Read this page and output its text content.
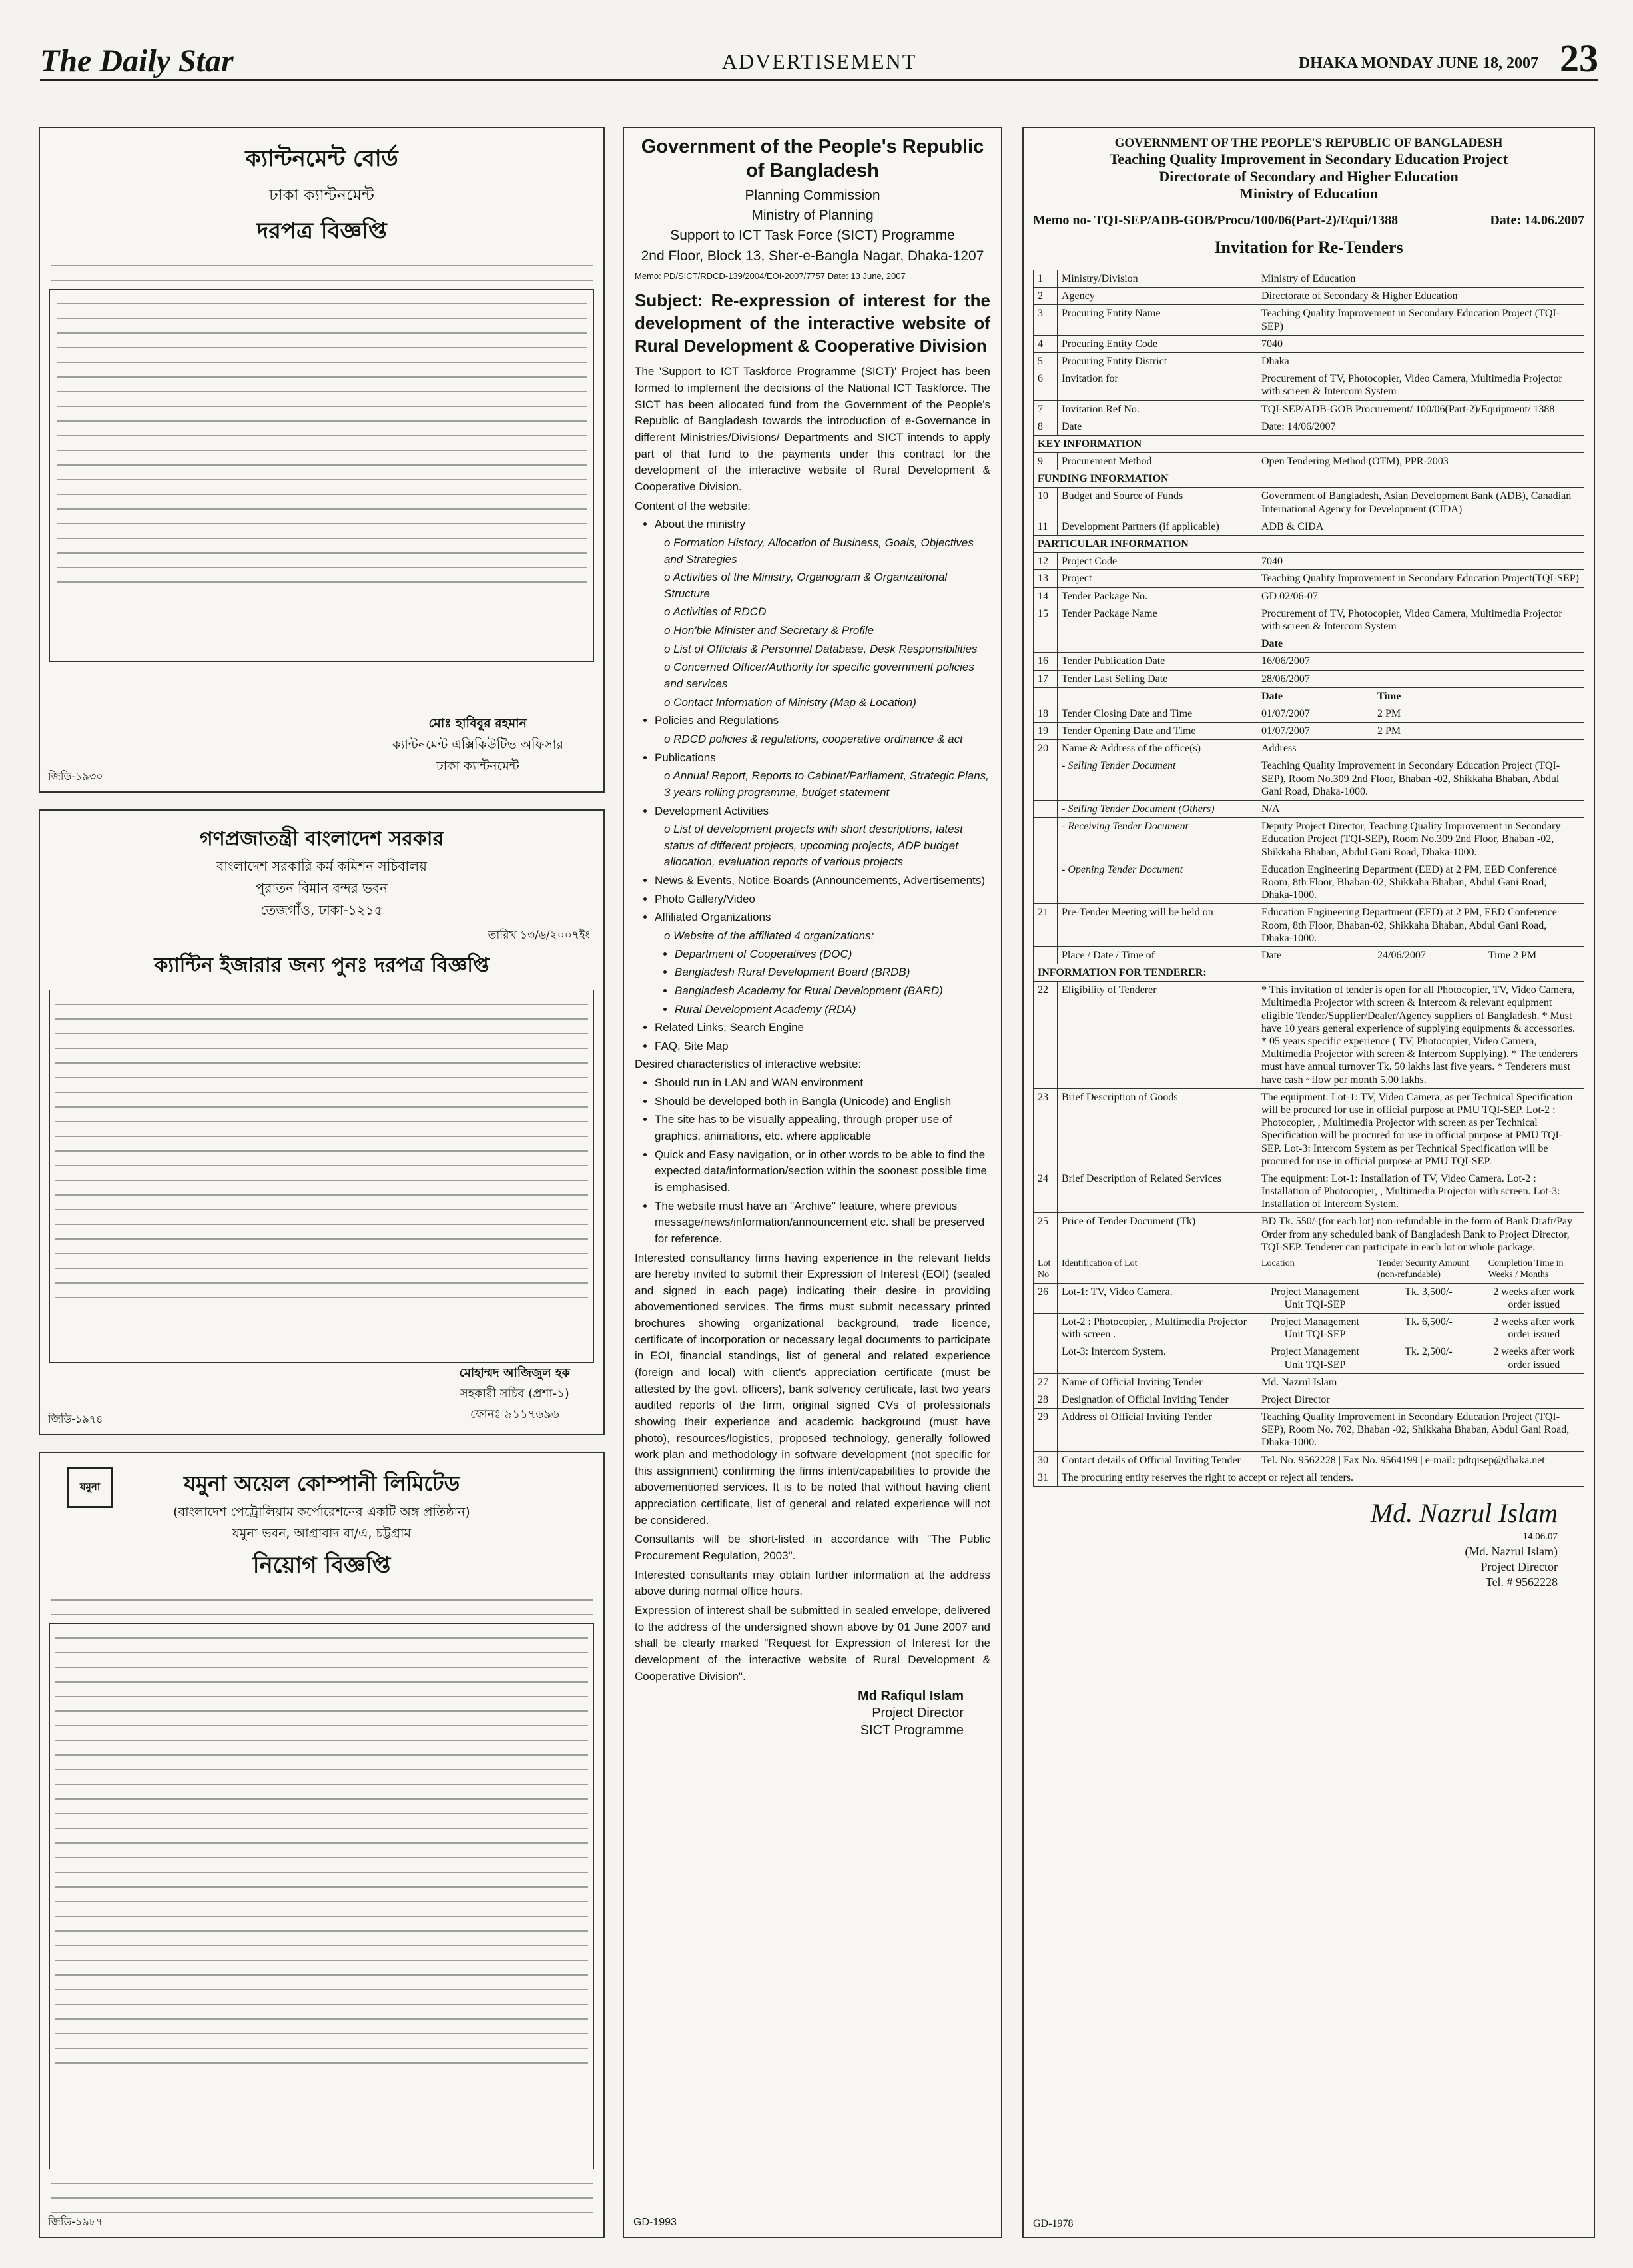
The Daily Star	ADVERTISEMENT	DHAKA MONDAY JUNE 18, 2007 23
ক্যান্টনমেন্ট বোর্ড
ঢাকা ক্যান্টনমেন্ট
দরপত্র বিজ্ঞপ্তি
মোঃ হাবিবুর রহমান
ক্যান্টনমেন্ট এক্সিকিউটিভ অফিসার
ঢাকা ক্যান্টনমেন্ট
জিডি-১৯৩০
গণপ্রজাতন্ত্রী বাংলাদেশ সরকার
বাংলাদেশ সরকারি কর্ম কমিশন সচিবালয়
পুরাতন বিমান বন্দর ভবন
তেজগাঁও, ঢাকা-১২১৫
তারিখ ১৩/৬/২০০৭ইং
ক্যান্টিন ইজারার জন্য পুনঃ দরপত্র বিজ্ঞপ্তি
মোহাম্মদ আজিজুল হক
সহকারী সচিব (প্রশা-১)
ফোনঃ ৯১১৭৬৯৬
জিডি-১৯৭৪
যমুনা	যমুনা অয়েল কোম্পানী লিমিটেড
(বাংলাদেশ পেট্রোলিয়াম কর্পোরেশনের একটি অঙ্গ প্রতিষ্ঠান)
যমুনা ভবন, আগ্রাবাদ বা/এ, চট্টগ্রাম
নিয়োগ বিজ্ঞপ্তি
জিডি-১৯৮৭
Government of the People's Republic of Bangladesh
Planning Commission
Ministry of Planning
Support to ICT Task Force (SICT) Programme
2nd Floor, Block 13, Sher-e-Bangla Nagar, Dhaka-1207
Memo: PD/SICT/RDCD-139/2004/EOI-2007/7757 Date: 13 June, 2007
Subject: Re-expression of interest for the development of the interactive website of Rural Development & Cooperative Division

The 'Support to ICT Taskforce Programme (SICT)' Project has been formed to implement the decisions of the National ICT Taskforce. The SICT has been allocated fund from the Government of the People's Republic of Bangladesh towards the introduction of e-Governance in different Ministries/Divisions/ Departments and SICT intends to apply part of that fund to the payments under this contract for the development of the interactive website of Rural Development & Cooperative Division.

Content of the website:

• About the ministry
o Formation History, Allocation of Business, Goals, Objectives and Strategies
o Activities of the Ministry, Organogram & Organizational Structure
o Activities of RDCD
o Hon'ble Minister and Secretary & Profile
o List of Officials & Personnel Database, Desk Responsibilities
o Concerned Officer/Authority for specific government policies and services
o Contact Information of Ministry (Map & Location)
• Policies and Regulations
o RDCD policies & regulations, cooperative ordinance & act
• Publications
o Annual Report, Reports to Cabinet/Parliament, Strategic Plans, 3 years rolling programme, budget statement
• Development Activities
o List of development projects with short descriptions, latest status of different projects, upcoming projects, ADP budget allocation, evaluation reports of various projects
• News & Events, Notice Boards (Announcements, Advertisements)
• Photo Gallery/Video
• Affiliated Organizations
o Website of the affiliated 4 organizations:
• Department of Cooperatives (DOC)
• Bangladesh Rural Development Board (BRDB)
• Bangladesh Academy for Rural Development (BARD)
• Rural Development Academy (RDA)
• Related Links, Search Engine
• FAQ, Site Map

Desired characteristics of interactive website:

• Should run in LAN and WAN environment
• Should be developed both in Bangla (Unicode) and English
• The site has to be visually appealing, through proper use of graphics, animations, etc. where applicable
• Quick and Easy navigation, or in other words to be able to find the expected data/information/section within the soonest possible time is emphasised.
• The website must have an "Archive" feature, where previous message/news/information/announcement etc. shall be preserved for reference.

Interested consultancy firms having experience in the relevant fields are hereby invited to submit their Expression of Interest (EOI) (sealed and signed in each page) indicating their desire in providing abovementioned services. The firms must submit necessary printed brochures showing organizational background, trade licence, certificate of incorporation or necessary legal documents to participate in EOI, financial standings, list of general and related experience (foreign and local) with client's appreciation certificate (must be attested by the govt. officers), bank solvency certificate, last two years audited reports of the firm, original signed CVs of professionals showing their experience and academic background (must have photo), resources/logistics, proposed technology, generally followed work plan and methodology in software development (not specific for this assignment) confirming the firms intent/capabilities to provide the abovementioned services. It is to be noted that without having client appreciation certificate, list of general and related experience will not be considered.

Consultants will be short-listed in accordance with "The Public Procurement Regulation, 2003".

Interested consultants may obtain further information at the address above during normal office hours.

Expression of interest shall be submitted in sealed envelope, delivered to the address of the undersigned shown above by 01 June 2007 and shall be clearly marked "Request for Expression of Interest for the development of the interactive website of Rural Development & Cooperative Division".

Md Rafiqul Islam
Project Director
SICT Programme
GD-1993
GOVERNMENT OF THE PEOPLE'S REPUBLIC OF BANGLADESH
Teaching Quality Improvement in Secondary Education Project
Directorate of Secondary and Higher Education
Ministry of Education
Memo no- TQI-SEP/ADB-GOB/Procu/100/06(Part-2)/Equi/1388	Date: 14.06.2007
Invitation for Re-Tenders
1	Ministry/Division	Ministry of Education		
2	Agency	Directorate of Secondary & Higher Education		
3	Procuring Entity Name	Teaching Quality Improvement in Secondary Education Project (TQI-SEP)		
4	Procuring Entity Code	7040		
5	Procuring Entity District	Dhaka		
6	Invitation for	Procurement of TV, Photocopier, Video Camera, Multimedia Projector with screen & Intercom System		
7	Invitation Ref No.	TQI-SEP/ADB-GOB Procurement/ 100/06(Part-2)/Equipment/ 1388		
8	Date	Date: 14/06/2007		
KEY INFORMATION				
9	Procurement Method	Open Tendering Method (OTM), PPR-2003		
FUNDING INFORMATION				
10	Budget and Source of Funds	Government of Bangladesh, Asian Development Bank (ADB), Canadian International Agency for Development (CIDA)		
11	Development Partners (if applicable)	ADB & CIDA		
PARTICULAR INFORMATION				
12	Project Code	7040		
13	Project	Teaching Quality Improvement in Secondary Education Project(TQI-SEP)		
14	Tender Package No.	GD 02/06-07		
15	Tender Package Name	Procurement of TV, Photocopier, Video Camera, Multimedia Projector with screen & Intercom System		
		Date		
16	Tender Publication Date	16/06/2007		
17	Tender Last Selling Date	28/06/2007		
		Date	Time	
18	Tender Closing Date and Time	01/07/2007	2 PM	
19	Tender Opening Date and Time	01/07/2007	2 PM	
20	Name & Address of the office(s)	Address		
	- Selling Tender Document	Teaching Quality Improvement in Secondary Education Project (TQI-SEP), Room No.309 2nd Floor, Bhaban -02, Shikkaha Bhaban, Abdul Gani Road, Dhaka-1000.		
	- Selling Tender Document (Others)	N/A		
	- Receiving Tender Document	Deputy Project Director, Teaching Quality Improvement in Secondary Education Project (TQI-SEP), Room No.309 2nd Floor, Bhaban -02, Shikkaha Bhaban, Abdul Gani Road, Dhaka-1000.		
	- Opening Tender Document	Education Engineering Department (EED) at 2 PM, EED Conference Room, 8th Floor, Bhaban-02, Shikkaha Bhaban, Abdul Gani Road, Dhaka-1000.		
21	Pre-Tender Meeting will be held on	Education Engineering Department (EED) at 2 PM, EED Conference Room, 8th Floor, Bhaban-02, Shikkaha Bhaban, Abdul Gani Road, Dhaka-1000.		
	Place / Date / Time of	Date	24/06/2007	Time 2 PM
INFORMATION FOR TENDERER:				
22	Eligibility of Tenderer	* This invitation of tender is open for all Photocopier, TV, Video Camera, Multimedia Projector with screen & Intercom & relevant equipment eligible Tender/Supplier/Dealer/Agency suppliers of Bangladesh. * Must have 10 years general experience of supplying equipments & accessories. * 05 years specific experience ( TV, Photocopier, Video Camera, Multimedia Projector with screen & Intercom Supplying). * The tenderers must have annual turnover Tk. 50 lakhs last five years. * Tenderers must have cash ~flow per month 5.00 lakhs.		
23	Brief Description of Goods	The equipment: Lot-1: TV, Video Camera, as per Technical Specification will be procured for use in official purpose at PMU TQI-SEP. Lot-2 : Photocopier, , Multimedia Projector with screen as per Technical Specification will be procured for use in official purpose at PMU TQI-SEP. Lot-3: Intercom System as per Technical Specification will be procured for use in official purpose at PMU TQI-SEP.		
24	Brief Description of Related Services	The equipment: Lot-1: Installation of TV, Video Camera. Lot-2 : Installation of Photocopier, , Multimedia Projector with screen. Lot-3: Installation of Intercom System.		
25	Price of Tender Document (Tk)	BD Tk. 550/-(for each lot) non-refundable in the form of Bank Draft/Pay Order from any scheduled bank of Bangladesh Bank to Project Director, TQI-SEP. Tenderer can participate in each lot or whole package.		
Lot No	Identification of Lot	Location	Tender Security Amount (non-refundable)	Completion Time in Weeks / Months
26	Lot-1: TV, Video Camera.	Project Management Unit TQI-SEP	Tk. 3,500/-	2 weeks after work order issued
	Lot-2 : Photocopier, , Multimedia Projector with screen .	Project Management Unit TQI-SEP	Tk. 6,500/-	2 weeks after work order issued
	Lot-3: Intercom System.	Project Management Unit TQI-SEP	Tk. 2,500/-	2 weeks after work order issued
27	Name of Official Inviting Tender	Md. Nazrul Islam		
28	Designation of Official Inviting Tender	Project Director		
29	Address of Official Inviting Tender	Teaching Quality Improvement in Secondary Education Project (TQI-SEP), Room No. 702, Bhaban -02, Shikkaha Bhaban, Abdul Gani Road, Dhaka-1000.		
30	Contact details of Official Inviting Tender	Tel. No. 9562228 | Fax No. 9564199 | e-mail: pdtqisep@dhaka.net		
31	The procuring entity reserves the right to accept or reject all tenders.			
Md. Nazrul Islam
14.06.07
(Md. Nazrul Islam)
Project Director
Tel. # 9562228
GD-1978
